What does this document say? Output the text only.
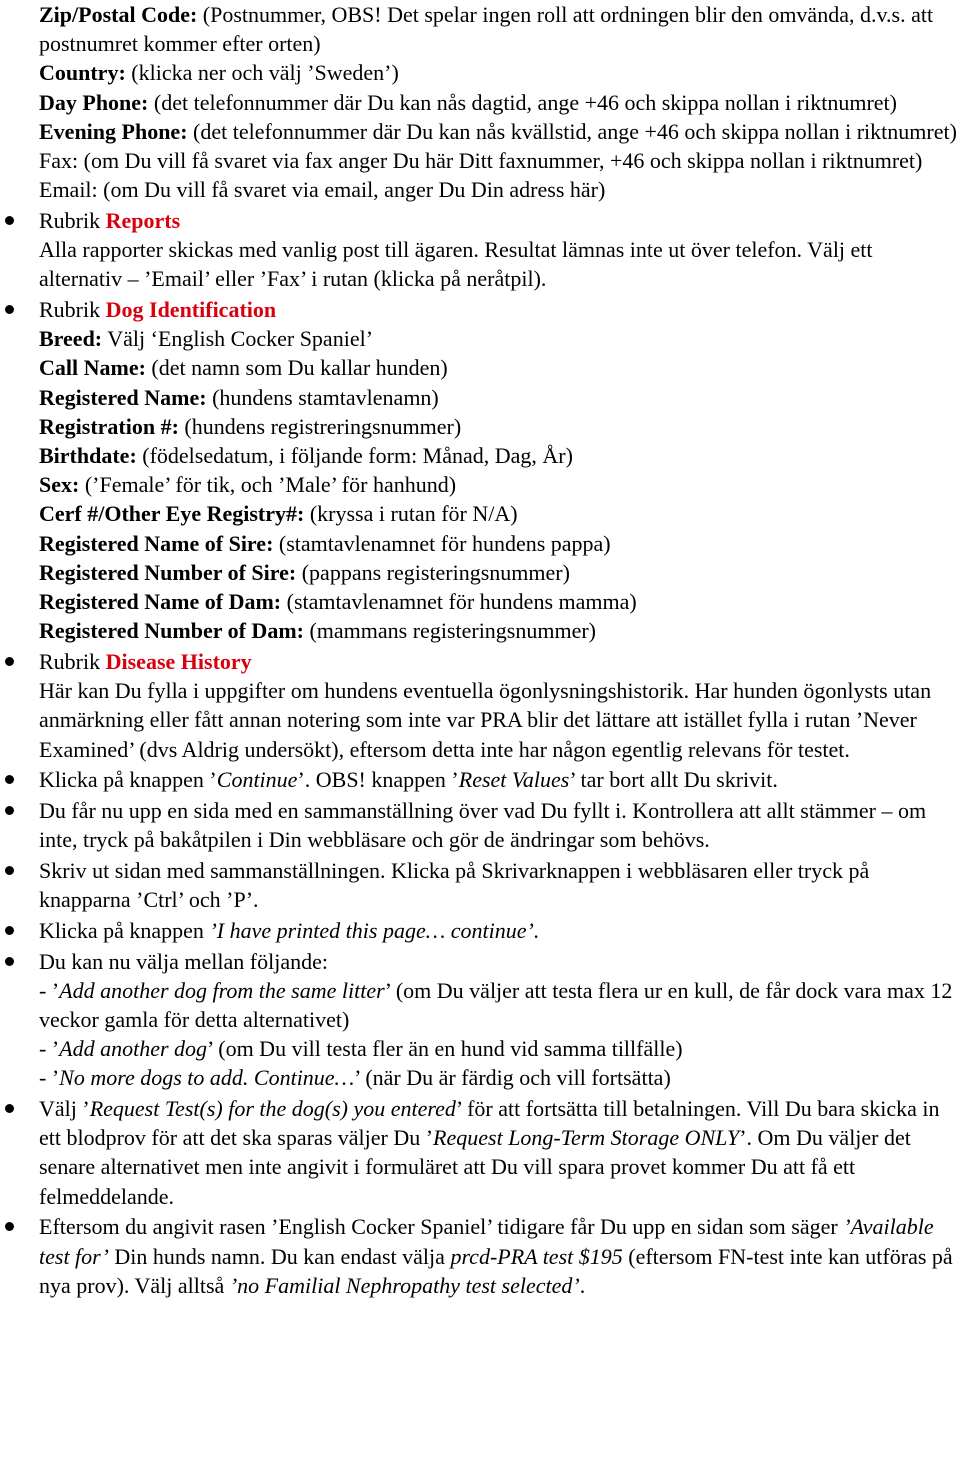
Zip/Postal Code: (Postnummer, OBS! Det spelar ingen roll att ordningen blir den omvända, d.v.s. att postnumret kommer efter orten)

Country: (klicka ner och välj ’Sweden’)

Day Phone: (det telefonnummer där Du kan nås dagtid, ange +46 och skippa nollan i riktnumret)

Evening Phone: (det telefonnummer där Du kan nås kvällstid, ange +46 och skippa nollan i riktnumret)

Fax: (om Du vill få svaret via fax anger Du här Ditt faxnummer, +46 och skippa nollan i riktnumret)

Email: (om Du vill få svaret via email, anger Du Din adress här)

Rubrik Reports

Alla rapporter skickas med vanlig post till ägaren. Resultat lämnas inte ut över telefon. Välj ett alternativ – ’Email’ eller ’Fax’ i rutan (klicka på neråtpil).

Rubrik Dog Identification

Breed: Välj ‘English Cocker Spaniel’

Call Name: (det namn som Du kallar hunden)

Registered Name: (hundens stamtavlenamn)

Registration #: (hundens registreringsnummer)

Birthdate: (födelsedatum, i följande form: Månad, Dag, År)

Sex: (’Female’ för tik, och ’Male’ för hanhund)

Cerf #/Other Eye Registry#: (kryssa i rutan för N/A)

Registered Name of Sire: (stamtavlenamnet för hundens pappa)

Registered Number of Sire: (pappans registeringsnummer)

Registered Name of Dam: (stamtavlenamnet för hundens mamma)

Registered Number of Dam: (mammans registeringsnummer)

Rubrik Disease History

Här kan Du fylla i uppgifter om hundens eventuella ögonlysningshistorik. Har hunden ögonlysts utan anmärkning eller fått annan notering som inte var PRA blir det lättare att istället fylla i rutan ’Never Examined’ (dvs Aldrig undersökt), eftersom detta inte har någon egentlig relevans för testet.

Klicka på knappen ’Continue’. OBS! knappen ’Reset Values’ tar bort allt Du skrivit.

Du får nu upp en sida med en sammanställning över vad Du fyllt i. Kontrollera att allt stämmer – om inte, tryck på bakåtpilen i Din webbläsare och gör de ändringar som behövs.

Skriv ut sidan med sammanställningen. Klicka på Skrivarknappen i webbläsaren eller tryck på knapparna ’Ctrl’ och ’P’.

Klicka på knappen ’I have printed this page… continue’.

Du kan nu välja mellan följande:

- ’Add another dog from the same litter’ (om Du väljer att testa flera ur en kull, de får dock vara max 12 veckor gamla för detta alternativet)

- ’Add another dog’ (om Du vill testa fler än en hund vid samma tillfälle)

- ’No more dogs to add. Continue…’ (när Du är färdig och vill fortsätta)

Välj ’Request Test(s) for the dog(s) you entered’ för att fortsätta till betalningen. Vill Du bara skicka in ett blodprov för att det ska sparas väljer Du ’Request Long-Term Storage ONLY’. Om Du väljer det senare alternativet men inte angivit i formuläret att Du vill spara provet kommer Du att få ett felmeddelande.

Eftersom du angivit rasen ’English Cocker Spaniel’ tidigare får Du upp en sidan som säger ’Available test for’ Din hunds namn. Du kan endast välja prcd-PRA test $195 (eftersom FN-test inte kan utföras på nya prov). Välj alltså ’no Familial Nephropathy test selected’.
